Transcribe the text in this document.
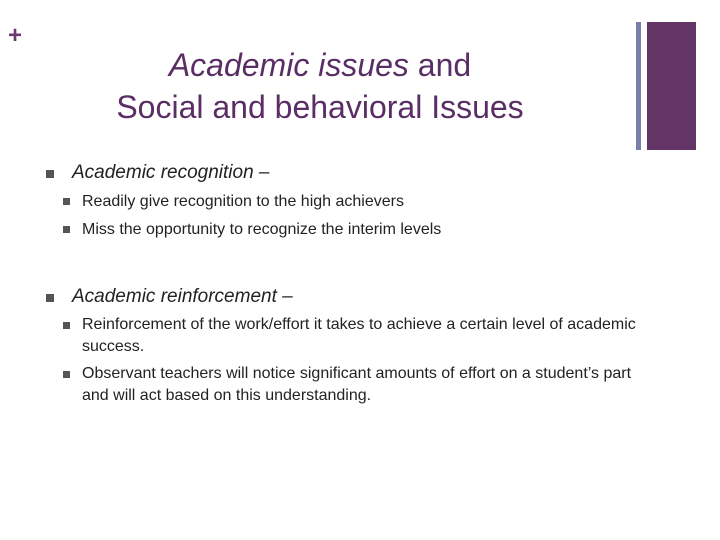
+
Academic issues and
Social and behavioral Issues
Academic recognition –
Readily give recognition to the high achievers
Miss the opportunity to recognize the interim levels
Academic reinforcement –
Reinforcement of the work/effort it takes to achieve a certain level of academic success.
Observant teachers will notice significant amounts of effort on a student’s part and will act based on this understanding.
